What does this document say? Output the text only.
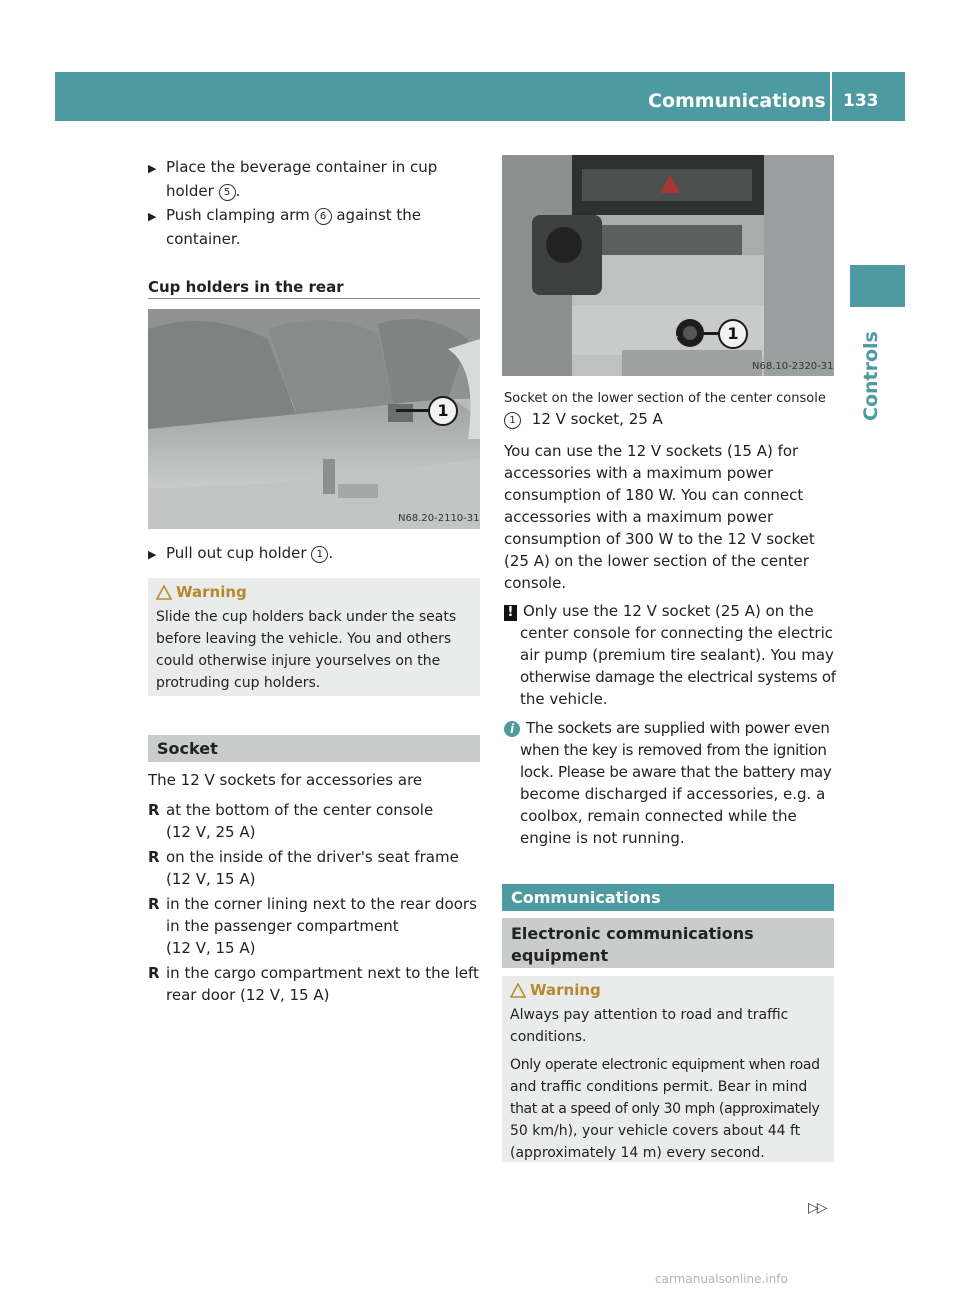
Communications 133
Controls
▶ Place the beverage container in cup
holder 5 .
▶ Push clamping arm 6 against the
container.
Cup holders in the rear
1
N68.20-2110-31
▶ Pull out cup holder 1 .
Warning
Slide the cup holders back under the seats
before leaving the vehicle. You and others
could otherwise injure yourselves on the
protruding cup holders.
Socket
The 12 V sockets for accessories are
R at the bottom of the center console
(12 V, 25 A)
R on the inside of the driver's seat frame
(12 V, 15 A)
R in the corner lining next to the rear doors
in the passenger compartment
(12 V, 15 A)
R in the cargo compartment next to the left
rear door (12 V, 15 A)
12 V	1
N68.10-2320-31
Socket on the lower section of the center console
1 12 V socket, 25 A
You can use the 12 V sockets (15 A) for
accessories with a maximum power
consumption of 180 W. You can connect
accessories with a maximum power
consumption of 300 W to the 12 V socket
(25 A) on the lower section of the center
console.
! Only use the 12 V socket (25 A) on the
center console for connecting the electric
air pump (premium tire sealant). You may
otherwise damage the electrical systems of
the vehicle.
i The sockets are supplied with power even
when the key is removed from the ignition
lock. Please be aware that the battery may
become discharged if accessories, e.g. a
coolbox, remain connected while the
engine is not running.
Communications
Electronic communications
equipment
Warning
Always pay attention to road and traffic
conditions.
Only operate electronic equipment when road
and traffic conditions permit. Bear in mind
that at a speed of only 30 mph (approximately
50 km/h), your vehicle covers about 44 ft
(approximately 14 m) every second.
▷▷
carmanualsonline.info
